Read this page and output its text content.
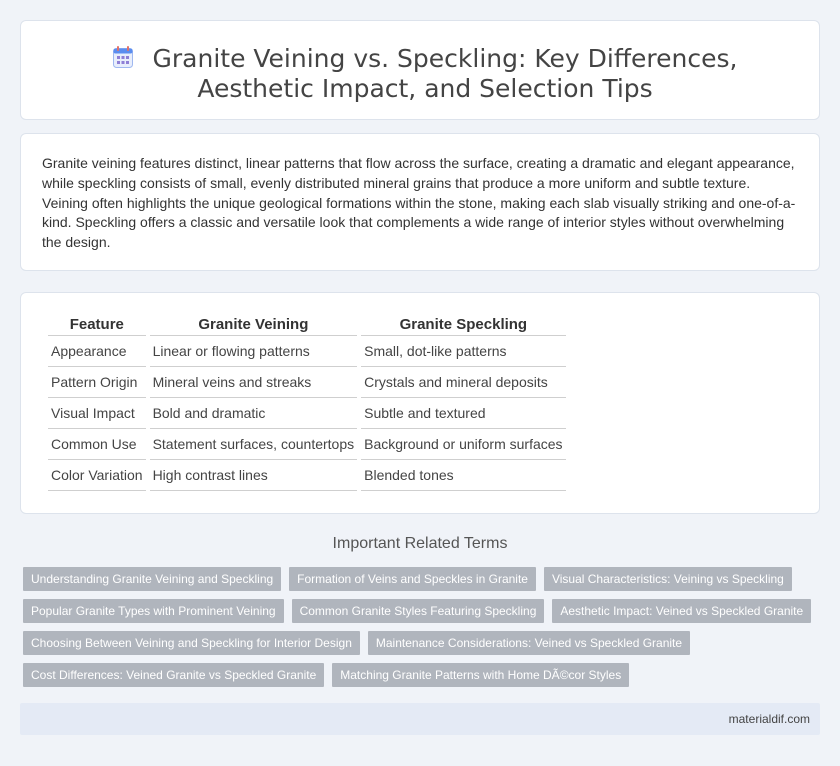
Granite Veining vs. Speckling: Key Differences, Aesthetic Impact, and Selection Tips

Granite veining features distinct, linear patterns that flow across the surface, creating a dramatic and elegant appearance, while speckling consists of small, evenly distributed mineral grains that produce a more uniform and subtle texture. Veining often highlights the unique geological formations within the stone, making each slab visually striking and one-of-a-kind. Speckling offers a classic and versatile look that complements a wide range of interior styles without overwhelming the design.

Feature	Granite Veining	Granite Speckling
Appearance	Linear or flowing patterns	Small, dot-like patterns
Pattern Origin	Mineral veins and streaks	Crystals and mineral deposits
Visual Impact	Bold and dramatic	Subtle and textured
Common Use	Statement surfaces, countertops	Background or uniform surfaces
Color Variation	High contrast lines	Blended tones
Important Related Terms
Understanding Granite Veining and Speckling	Formation of Veins and Speckles in Granite	Visual Characteristics: Veining vs Speckling
Popular Granite Types with Prominent Veining	Common Granite Styles Featuring Speckling	Aesthetic Impact: Veined vs Speckled Granite
Choosing Between Veining and Speckling for Interior Design	Maintenance Considerations: Veined vs Speckled Granite
Cost Differences: Veined Granite vs Speckled Granite	Matching Granite Patterns with Home DÃ©cor Styles
materialdif.com
